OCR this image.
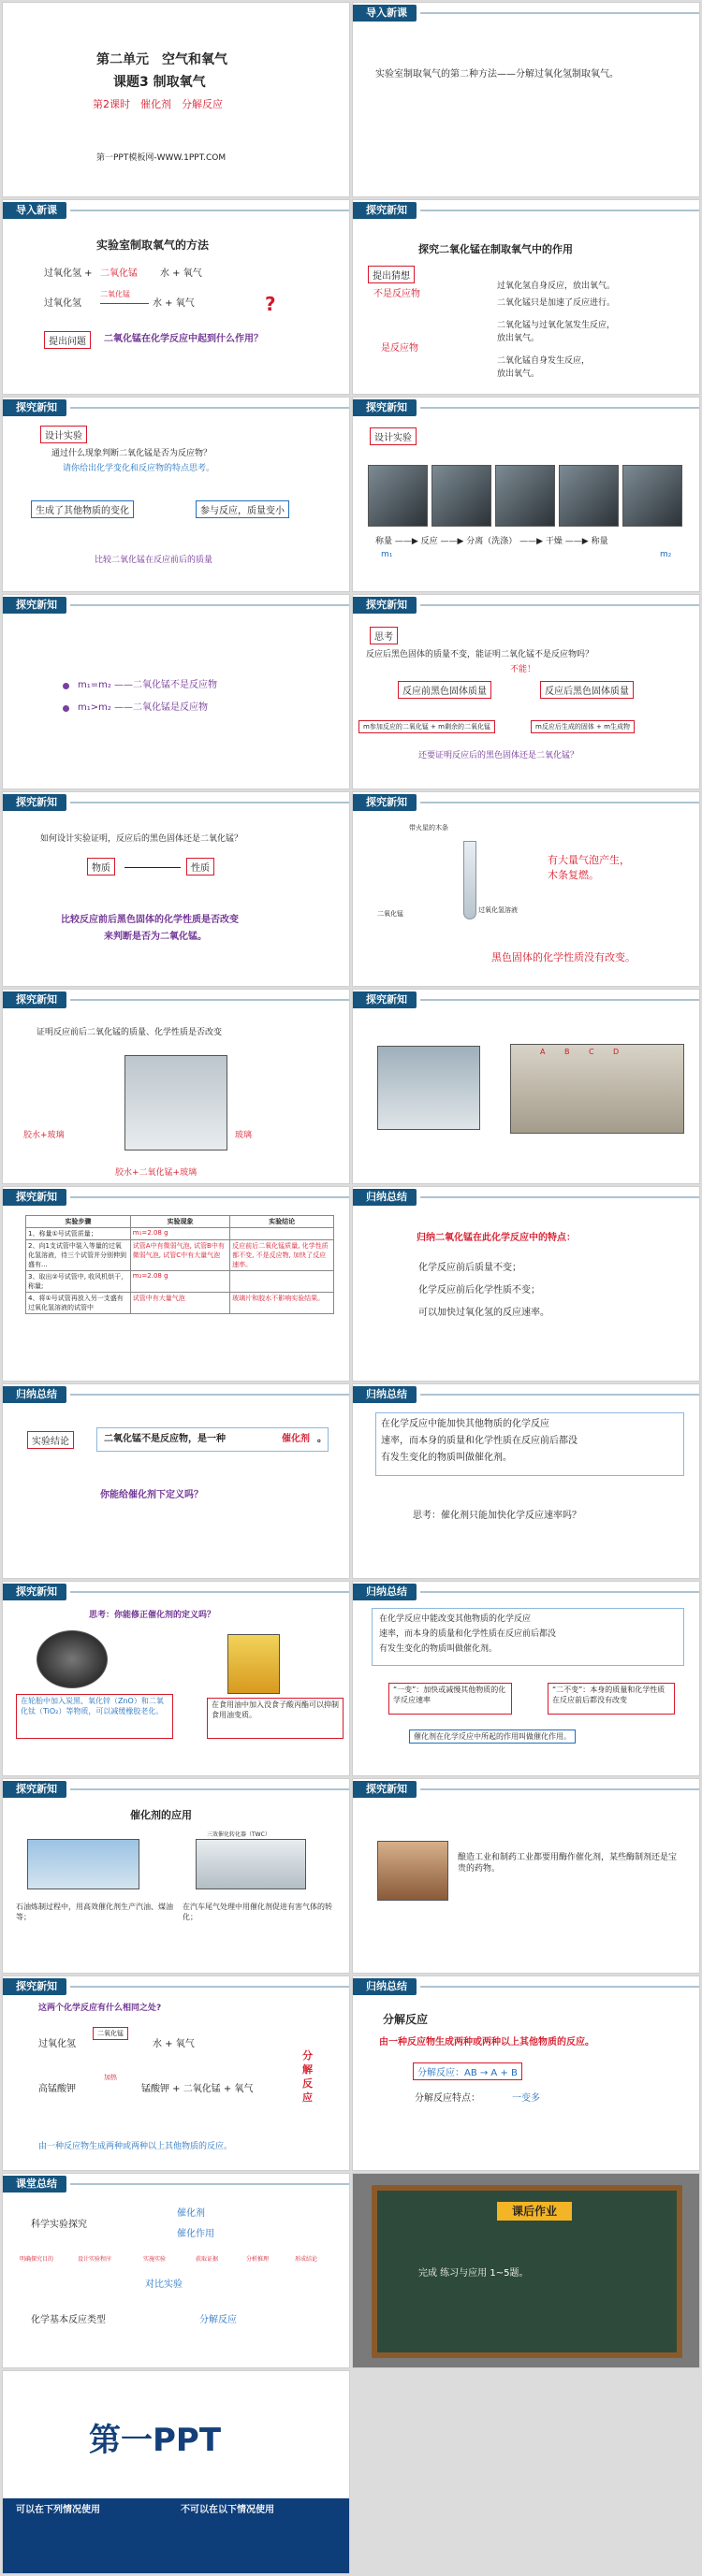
第二单元　空气和氧气
课题3 制取氧气
第2课时　催化剂　分解反应
第一PPT模板网-WWW.1PPT.COM
导入新课
实验室制取氧气的第二种方法——分解过氧化氢制取氧气。
导入新课
实验室制取氧气的方法
过氧化氢 + 二氧化锰 水 + 氧气
过氧化氢
二氧化锰
水 + 氧气	?
提出问题	二氧化锰在化学反应中起到什么作用？
探究新知
探究二氧化锰在制取氧气中的作用
提出猜想
不是反应物
是反应物
过氧化氢自身反应，放出氧气。
二氧化锰只是加速了反应进行。
二氧化锰与过氧化氢发生反应，
放出氧气。
二氧化锰自身发生反应，
放出氧气。
探究新知
设计实验
通过什么现象判断二氧化锰是否为反应物？
请你给出化学变化和反应物的特点思考。
生成了其他物质的变化	参与反应，质量变小
比较二氧化锰在反应前后的质量
探究新知
设计实验
称量 ——▶ 反应 ——▶ 分离（洗涤） ——▶ 干燥 ——▶ 称量
m₁	m₂
探究新知
m₁=m₂ ——二氧化锰不是反应物
m₁>m₂ ——二氧化锰是反应物
探究新知
思考
反应后黑色固体的质量不变，能证明二氧化锰不是反应物吗？
不能！
反应前黑色固体质量	反应后黑色固体质量
m参加反应的二氧化锰 + m剩余的二氧化锰	m反应后生成的固体 + m生成物
还要证明反应后的黑色固体还是二氧化锰？
探究新知
如何设计实验证明，反应后的黑色固体还是二氧化锰？
物质	性质
比较反应前后黑色固体的化学性质是否改变
来判断是否为二氧化锰。
探究新知
带火星的木条
二氧化锰	过氧化氢溶液
有大量气泡产生，
木条复燃。
黑色固体的化学性质没有改变。
探究新知
证明反应前后二氧化锰的质量、化学性质是否改变
胶水+玻璃	玻璃
胶水+二氧化锰+玻璃
探究新知
A	B	C	D
探究新知
实验步骤	实验现象	实验结论
1、称量①号试管质量；	m₁=2.08 g	
2、向1支试管中装入等量的过氧化氢溶液，待三个试管并分别伸到盛有...	试管A中有微弱气泡, 试管B中有微弱气泡, 试管C中有大量气泡	反应前后二氧化锰质量, 化学性质都不变, 不是反应物, 加快了反应速率。
3、取出②号试管中, 收风机烘干，称量;	m₂=2.08 g	
4、将①号试管再放入另一支盛有过氧化氢溶液的试管中	试管中有大量气泡	玻璃片和胶水不影响实验结果。
归纳总结
归纳二氧化锰在此化学反应中的特点：
化学反应前后质量不变；
化学反应前后化学性质不变；
可以加快过氧化氢的反应速率。
归纳总结
实验结论	二氧化锰不是反应物，是一种	催化剂 。
你能给催化剂下定义吗？
归纳总结
在化学反应中能加快其他物质的化学反应
速率，而本身的质量和化学性质在反应前后都没
有发生变化的物质叫做催化剂。
思考：催化剂只能加快化学反应速率吗？
探究新知
思考：你能修正催化剂的定义吗？
在轮胎中加入炭黑、氧化锌（ZnO）和二氧化钛（TiO₂）等物质，可以减缓橡胶老化。
在食用油中加入没食子酸丙酯可以抑制食用油变质。
归纳总结
在化学反应中能改变其他物质的化学反应
速率，而本身的质量和化学性质在反应前后都没
有发生变化的物质叫做催化剂。
“一变”：加快或减慢其他物质的化学反应速率
“二不变”：本身的质量和化学性质在反应前后都没有改变
催化剂在化学反应中所起的作用叫做催化作用。
探究新知
催化剂的应用
三效催化转化器（TWC）
石油炼制过程中，用高效催化剂生产汽油、煤油等；
在汽车尾气处理中用催化剂促进有害气体的转化；
探究新知
酿造工业和制药工业都要用酶作催化剂，某些酶制剂还是宝贵的药物。
探究新知
这两个化学反应有什么相同之处?
过氧化氢
二氧化锰
水 + 氧气
高锰酸钾
加热
锰酸钾 + 二氧化锰 + 氧气
分解反应
由一种反应物生成两种或两种以上其他物质的反应。
归纳总结
分解反应
由一种反应物生成两种或两种以上其他物质的反应。
分解反应：AB → A + B
分解反应特点：	一变多
课堂总结
科学实验探究
催化剂
催化作用
明确探究目的	设计实验程序	实施实验	获取证据	分析推理	形成结论
对比实验
化学基本反应类型	分解反应
课后作业
完成 练习与应用 1~5题。
第一PPT
可以在下列情况使用	不可以在以下情况使用
